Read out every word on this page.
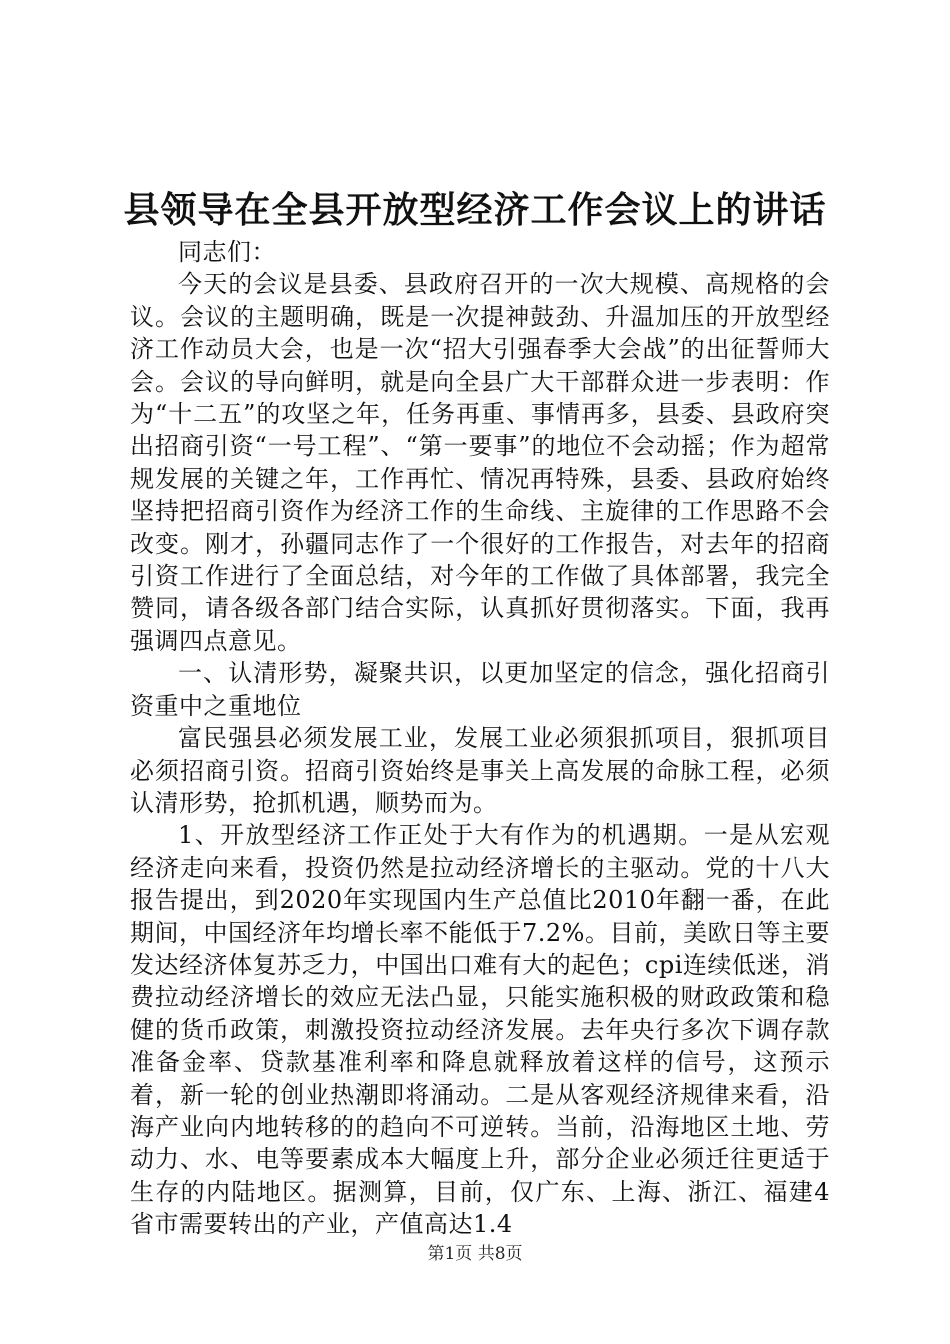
县领导在全县开放型经济工作会议上的讲话

同志们：

今天的会议是县委、县政府召开的一次大规模、高规格的会议。会议的主题明确，既是一次提神鼓劲、升温加压的开放型经济工作动员大会，也是一次“招大引强春季大会战”的出征誓师大会。会议的导向鲜明，就是向全县广大干部群众进一步表明：作为“十二五”的攻坚之年，任务再重、事情再多，县委、县政府突出招商引资“一号工程”、“第一要事”的地位不会动摇；作为超常规发展的关键之年，工作再忙、情况再特殊，县委、县政府始终坚持把招商引资作为经济工作的生命线、主旋律的工作思路不会改变。刚才，孙疆同志作了一个很好的工作报告，对去年的招商引资工作进行了全面总结，对今年的工作做了具体部署，我完全赞同，请各级各部门结合实际，认真抓好贯彻落实。下面，我再强调四点意见。

一、认清形势，凝聚共识，以更加坚定的信念，强化招商引资重中之重地位

富民强县必须发展工业，发展工业必须狠抓项目，狠抓项目必须招商引资。招商引资始终是事关上高发展的命脉工程，必须认清形势，抢抓机遇，顺势而为。

1、开放型经济工作正处于大有作为的机遇期。一是从宏观经济走向来看，投资仍然是拉动经济增长的主驱动。党的十八大报告提出，到2020年实现国内生产总值比2010年翻一番，在此期间，中国经济年均增长率不能低于7.2%。目前，美欧日等主要发达经济体复苏乏力，中国出口难有大的起色；cpi连续低迷，消费拉动经济增长的效应无法凸显，只能实施积极的财政政策和稳健的货币政策，刺激投资拉动经济发展。去年央行多次下调存款准备金率、贷款基准利率和降息就释放着这样的信号，这预示着，新一轮的创业热潮即将涌动。二是从客观经济规律来看，沿海产业向内地转移的的趋向不可逆转。当前，沿海地区土地、劳动力、水、电等要素成本大幅度上升，部分企业必须迁往更适于生存的内陆地区。据测算，目前，仅广东、上海、浙江、福建4省市需要转出的产业，产值高达1.4

第1页 共8页
